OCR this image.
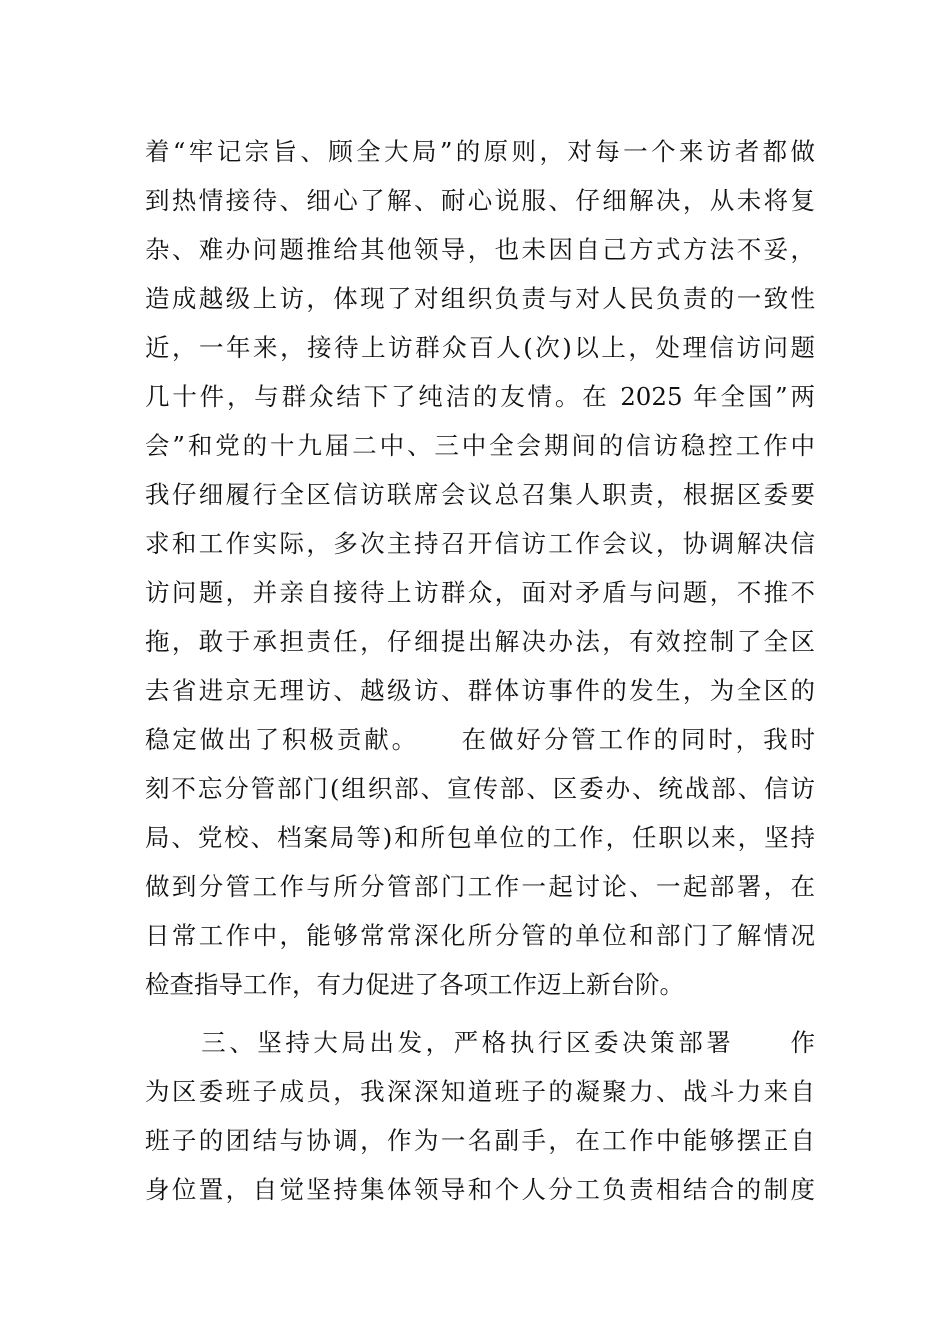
着“牢记宗旨、顾全大局”的原则，对每一个来访者都做
到热情接待、细心了解、耐心说服、仔细解决，从未将复
杂、难办问题推给其他领导，也未因自己方式方法不妥，
造成越级上访，体现了对组织负责与对人民负责的一致性
近，一年来，接待上访群众百人(次)以上，处理信访问题
几十件，与群众结下了纯洁的友情。在 2025 年全国”两
会”和党的十九届二中、三中全会期间的信访稳控工作中
我仔细履行全区信访联席会议总召集人职责，根据区委要
求和工作实际，多次主持召开信访工作会议，协调解决信
访问题，并亲自接待上访群众，面对矛盾与问题，不推不
拖，敢于承担责任，仔细提出解决办法，有效控制了全区
去省进京无理访、越级访、群体访事件的发生，为全区的
稳定做出了积极贡献。　　在做好分管工作的同时，我时
刻不忘分管部门(组织部、宣传部、区委办、统战部、信访
局、党校、档案局等)和所包单位的工作，任职以来，坚持
做到分管工作与所分管部门工作一起讨论、一起部署，在
日常工作中，能够常常深化所分管的单位和部门了解情况
检查指导工作，有力促进了各项工作迈上新台阶。
　　三、坚持大局出发，严格执行区委决策部署　　作
为区委班子成员，我深深知道班子的凝聚力、战斗力来自
班子的团结与协调，作为一名副手，在工作中能够摆正自
身位置，自觉坚持集体领导和个人分工负责相结合的制度
